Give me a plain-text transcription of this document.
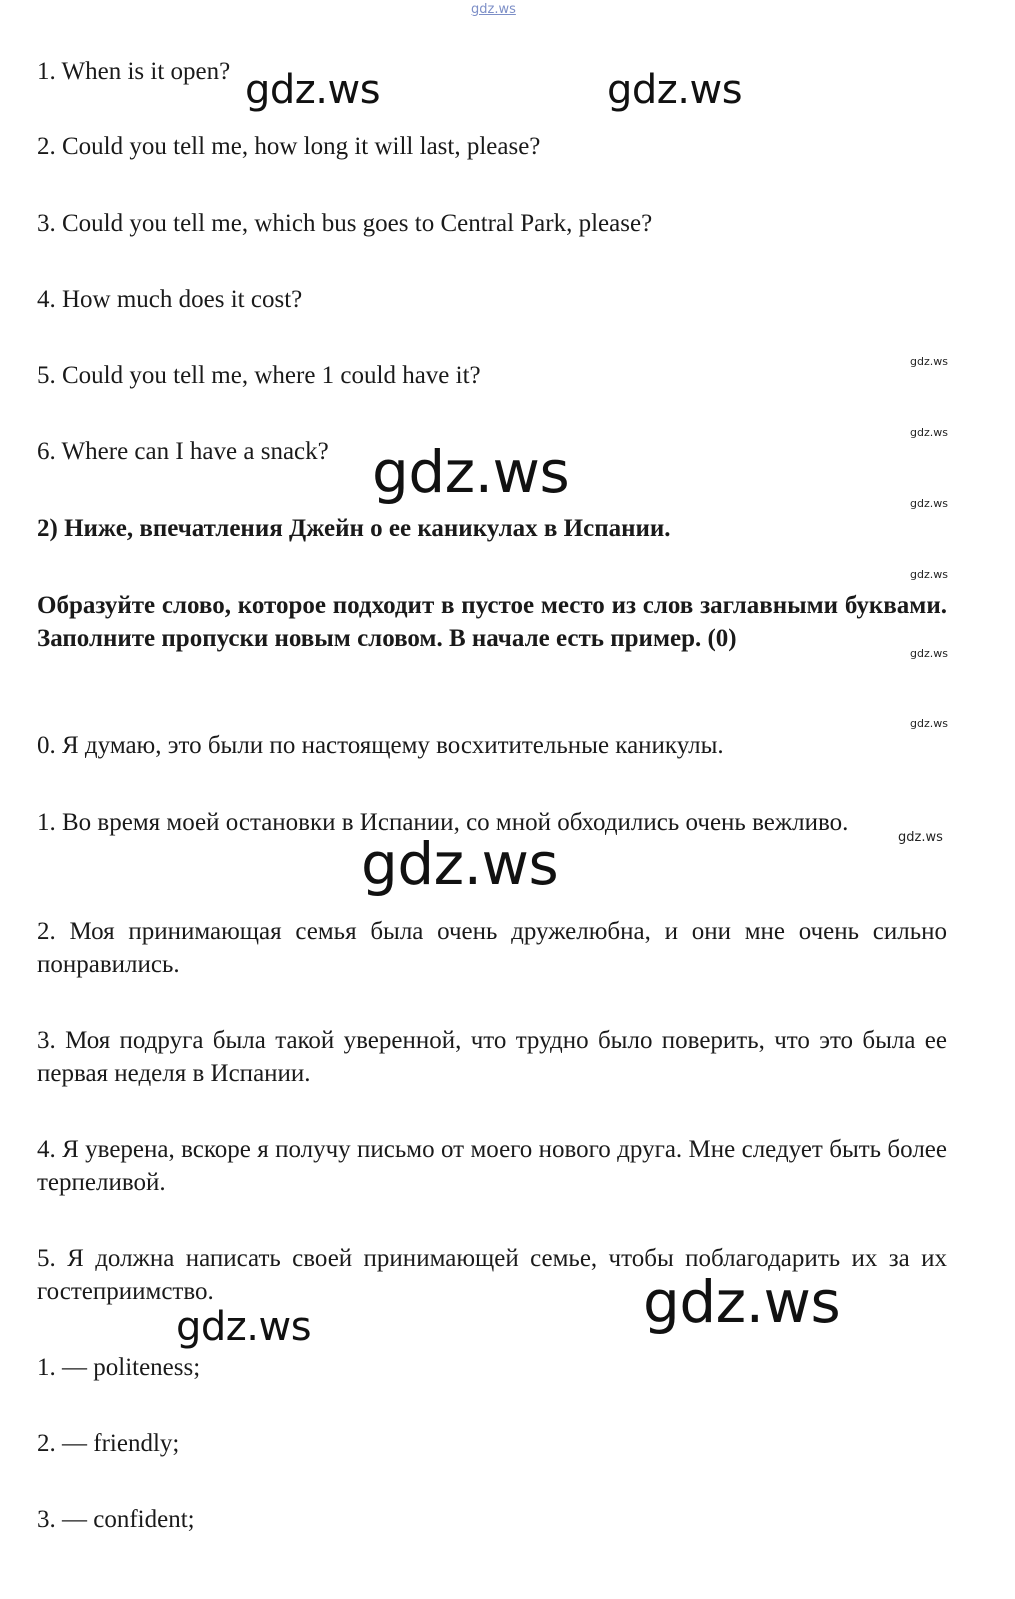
gdz.ws
1. When is it open?
2. Could you tell me, how long it will last, please?
3. Could you tell me, which bus goes to Central Park, please?
4. How much does it cost?
5. Could you tell me, where 1 could have it?
6. Where can I have a snack?
2) Ниже, впечатления Джейн о ее каникулах в Испании.
Образуйте слово, которое подходит в пустое место из слов заглавными буквами. Заполните пропуски новым словом. В начале есть пример. (0)
0. Я думаю, это были по настоящему восхитительные каникулы.
1. Во время моей остановки в Испании, со мной обходились очень вежливо.
2. Моя принимающая семья была очень дружелюбна, и они мне очень сильно понравились.
3. Моя подруга была такой уверенной, что трудно было поверить, что это была ее первая неделя в Испании.
4. Я уверена, вскоре я получу письмо от моего нового друга. Мне следует быть более терпеливой.
5. Я должна написать своей принимающей семье, чтобы поблагодарить их за их гостеприимство.
1. — politeness;
2. — friendly;
3. — confident;
gdz.ws	gdz.ws
gdz.ws
gdz.ws
gdz.ws
gdz.ws
gdz.ws
gdz.ws
gdz.ws
gdz.ws
gdz.ws
gdz.ws
gdz.ws
